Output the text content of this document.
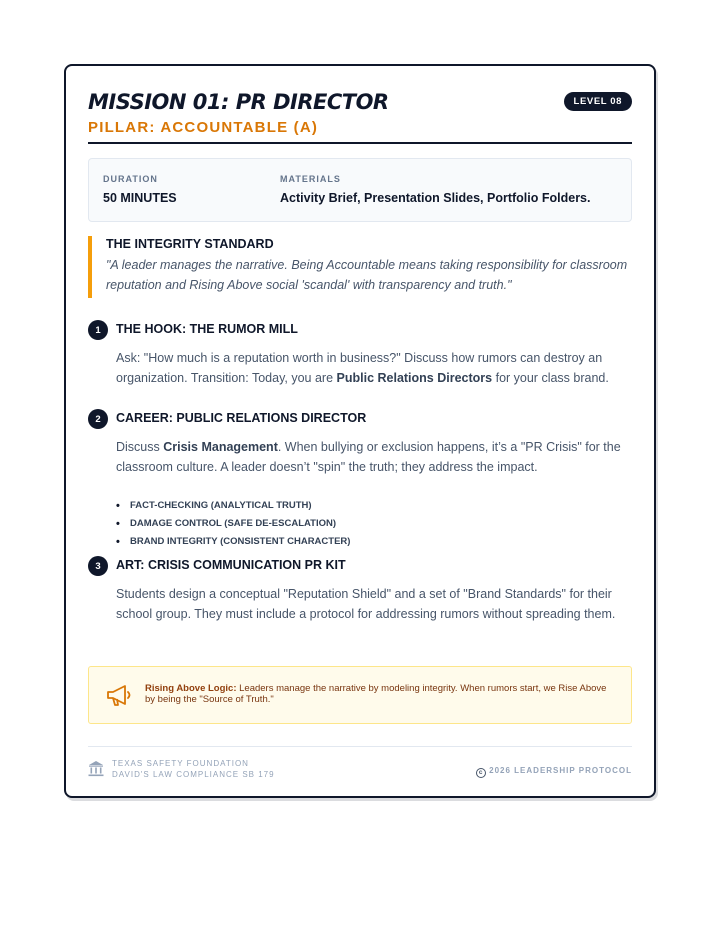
MISSION 01: PR DIRECTOR
PILLAR: ACCOUNTABLE (A)
LEVEL 08
DURATION
50 MINUTES
MATERIALS
Activity Brief, Presentation Slides, Portfolio Folders.
THE INTEGRITY STANDARD
"A leader manages the narrative. Being Accountable means taking responsibility for classroom reputation and Rising Above social 'scandal' with transparency and truth."
1	THE HOOK: THE RUMOR MILL
Ask: "How much is a reputation worth in business?" Discuss how rumors can destroy an organization. Transition: Today, you are Public Relations Directors for your class brand.
2	CAREER: PUBLIC RELATIONS DIRECTOR
Discuss Crisis Management. When bullying or exclusion happens, it’s a "PR Crisis" for the classroom culture. A leader doesn’t "spin" the truth; they address the impact.
• FACT-CHECKING (ANALYTICAL TRUTH)
• DAMAGE CONTROL (SAFE DE-ESCALATION)
• BRAND INTEGRITY (CONSISTENT CHARACTER)
3	ART: CRISIS COMMUNICATION PR KIT
Students design a conceptual "Reputation Shield" and a set of "Brand Standards" for their school group. They must include a protocol for addressing rumors without spreading them.
Rising Above Logic: Leaders manage the narrative by modeling integrity. When rumors start, we Rise Above by being the "Source of Truth."
TEXAS SAFETY FOUNDATION
DAVID'S LAW COMPLIANCE SB 179	c 2026 LEADERSHIP PROTOCOL
